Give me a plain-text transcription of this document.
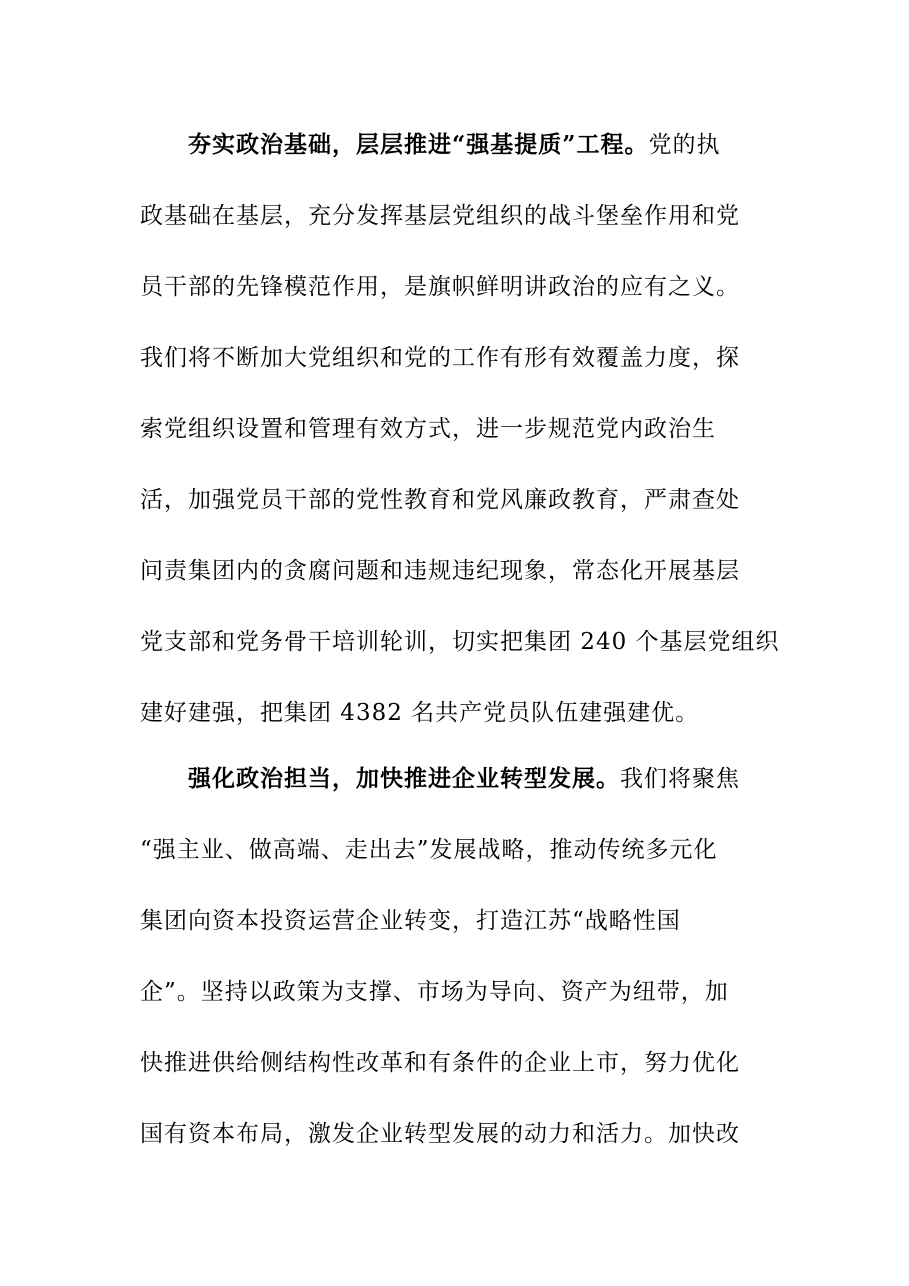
夯实政治基础，层层推进“强基提质”工程。党的执
政基础在基层，充分发挥基层党组织的战斗堡垒作用和党
员干部的先锋模范作用，是旗帜鲜明讲政治的应有之义。
我们将不断加大党组织和党的工作有形有效覆盖力度，探
索党组织设置和管理有效方式，进一步规范党内政治生
活，加强党员干部的党性教育和党风廉政教育，严肃查处
问责集团内的贪腐问题和违规违纪现象，常态化开展基层
党支部和党务骨干培训轮训，切实把集团 240 个基层党组织
建好建强，把集团 4382 名共产党员队伍建强建优。
强化政治担当，加快推进企业转型发展。我们将聚焦
“强主业、做高端、走出去”发展战略，推动传统多元化
集团向资本投资运营企业转变，打造江苏“战略性国
企”。坚持以政策为支撑、市场为导向、资产为纽带，加
快推进供给侧结构性改革和有条件的企业上市，努力优化
国有资本布局，激发企业转型发展的动力和活力。加快改
